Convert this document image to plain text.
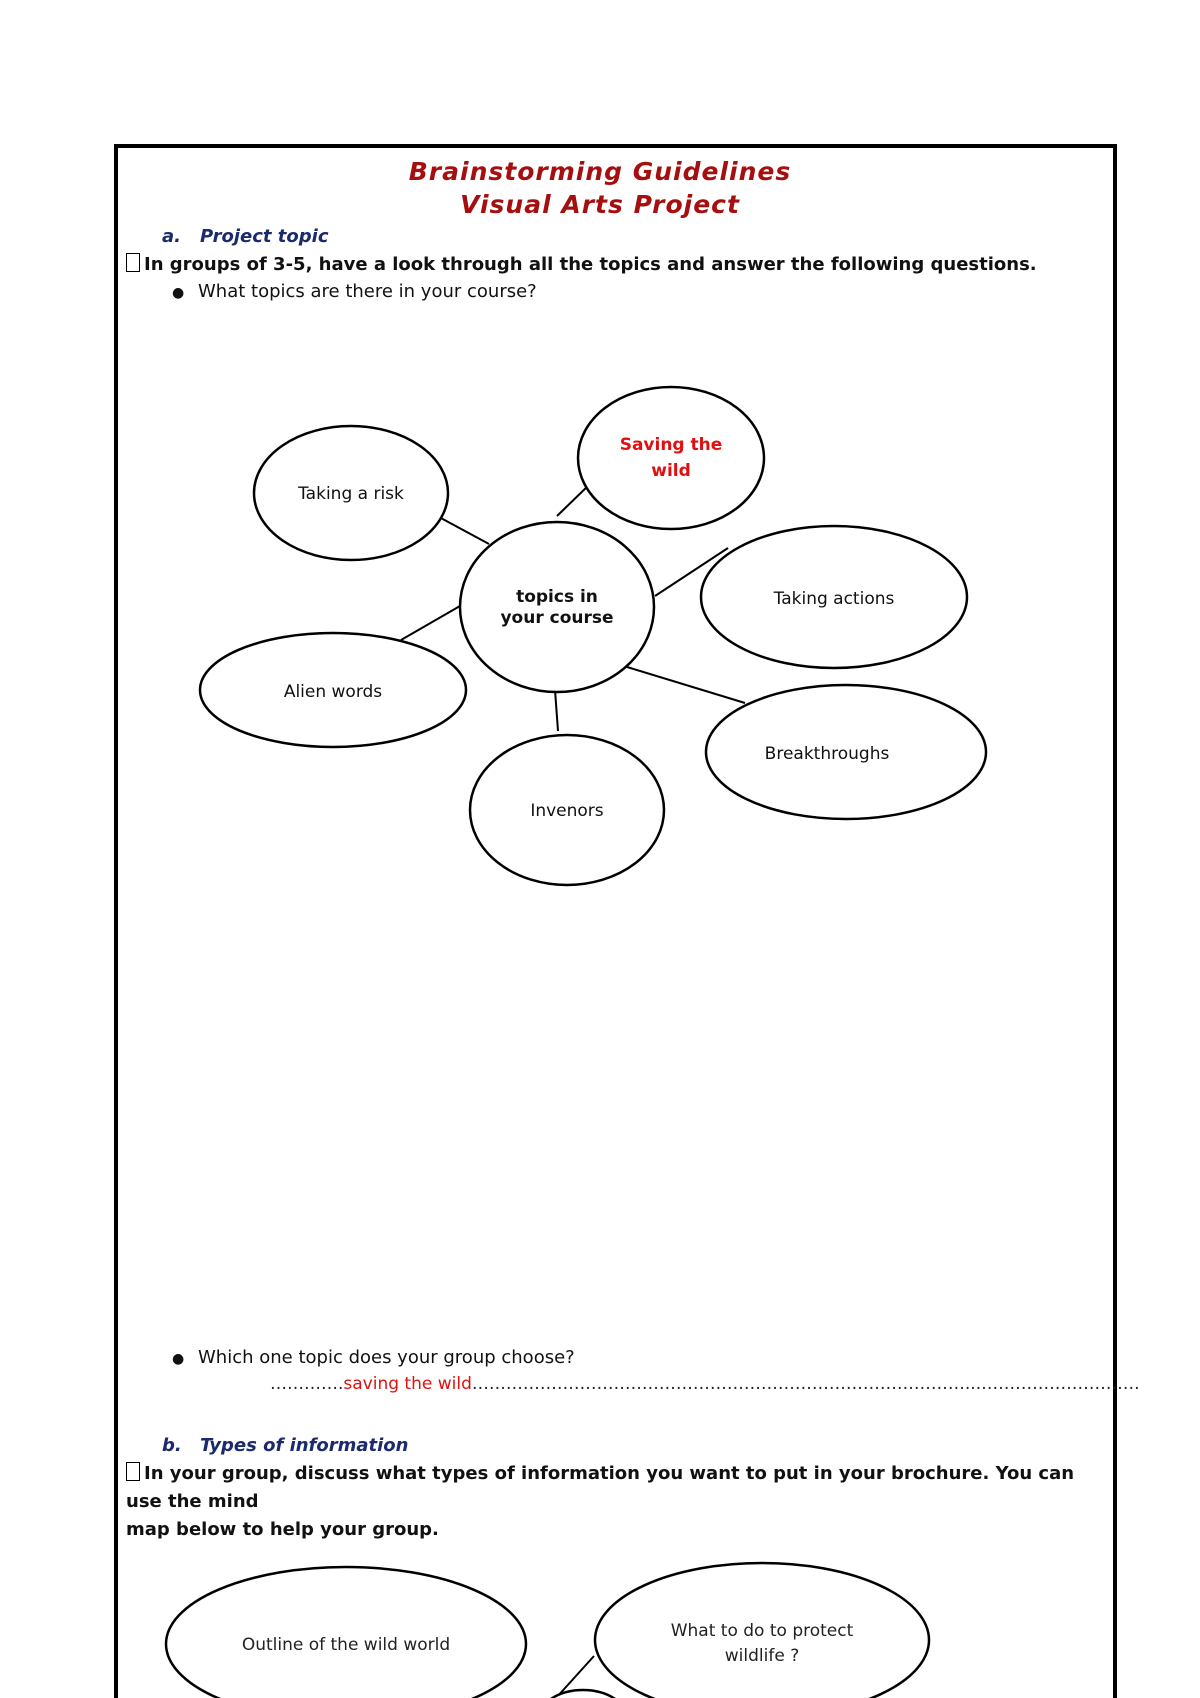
Brainstorming Guidelines
Visual Arts Project
a. Project topic
In groups of 3-5, have a look through all the topics and answer the following questions.
● What topics are there in your course?
topics in
your course
Saving the
wild
Taking a risk
Taking actions
Alien words
Breakthroughs
Invenors
● Which one topic does your group choose?
………….saving the wild……………………………………………………………………………...……………………….
b. Types of information
In your group, discuss what types of information you want to put in your brochure. You can use the mind
map below to help your group.
Outline of the wild world
What to do to protect
wildlife ?
